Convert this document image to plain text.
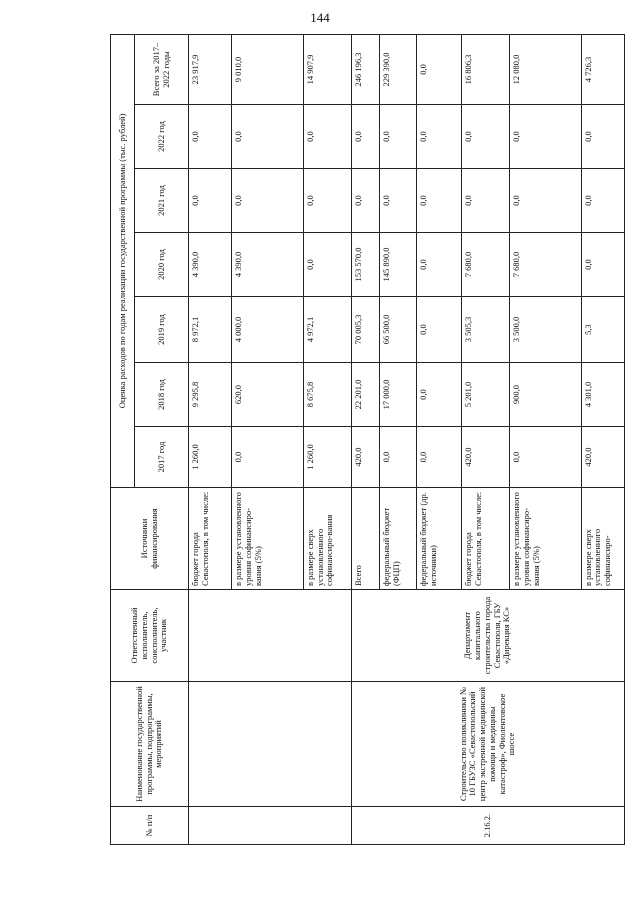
144
№ п/п	Наименование государственной программы, подпрограммы, мероприятий	Ответственный исполнитель, соисполнитель, участник	Источники финансирования	Оценка расходов по годам реализации государственной программы (тыс. рублей)						
				2017 год	2018 год	2019 год	2020 год	2021 год	2022 год	Всего за 2017–2022 годы
			бюджет города Севастополя, в том числе:	1 260,0	9 295,8	8 972,1	4 390,0	0,0	0,0	23 917,9
			в размере установленного уровня софинансиро-вания (5%)	0,0	620,0	4 000,0	4 390,0	0,0	0,0	9 010,0
			в размере сверх установленного софинансиро-вания	1 260,0	8 675,8	4 972,1	0,0	0,0	0,0	14 907,9
2.16.2.	Строительство поликлиники № 10 ГБУЗС «Севастопольский центр экстренной медицинской помощи и медицины катастроф», Фиолентовское шоссе	Департамент капитального строительства города Севастополя, ГБУ «Дирекция КС»	Всего	420,0	22 201,0	70 005,3	153 570,0	0,0	0,0	246 196,3
			федеральный бюджет (ФЦП)	0,0	17 000,0	66 500,0	145 890,0	0,0	0,0	229 390,0
			федеральный бюджет (др. источники)	0,0	0,0	0,0	0,0	0,0	0,0	0,0
			бюджет города Севастополя, в том числе:	420,0	5 201,0	3 505,3	7 680,0	0,0	0,0	16 806,3
			в размере установленного уровня софинансиро-вания (5%)	0,0	900,0	3 500,0	7 680,0	0,0	0,0	12 080,0
			в размере сверх установленного софинансиро-	420,0	4 301,0	5,3	0,0	0,0	0,0	4 726,3
